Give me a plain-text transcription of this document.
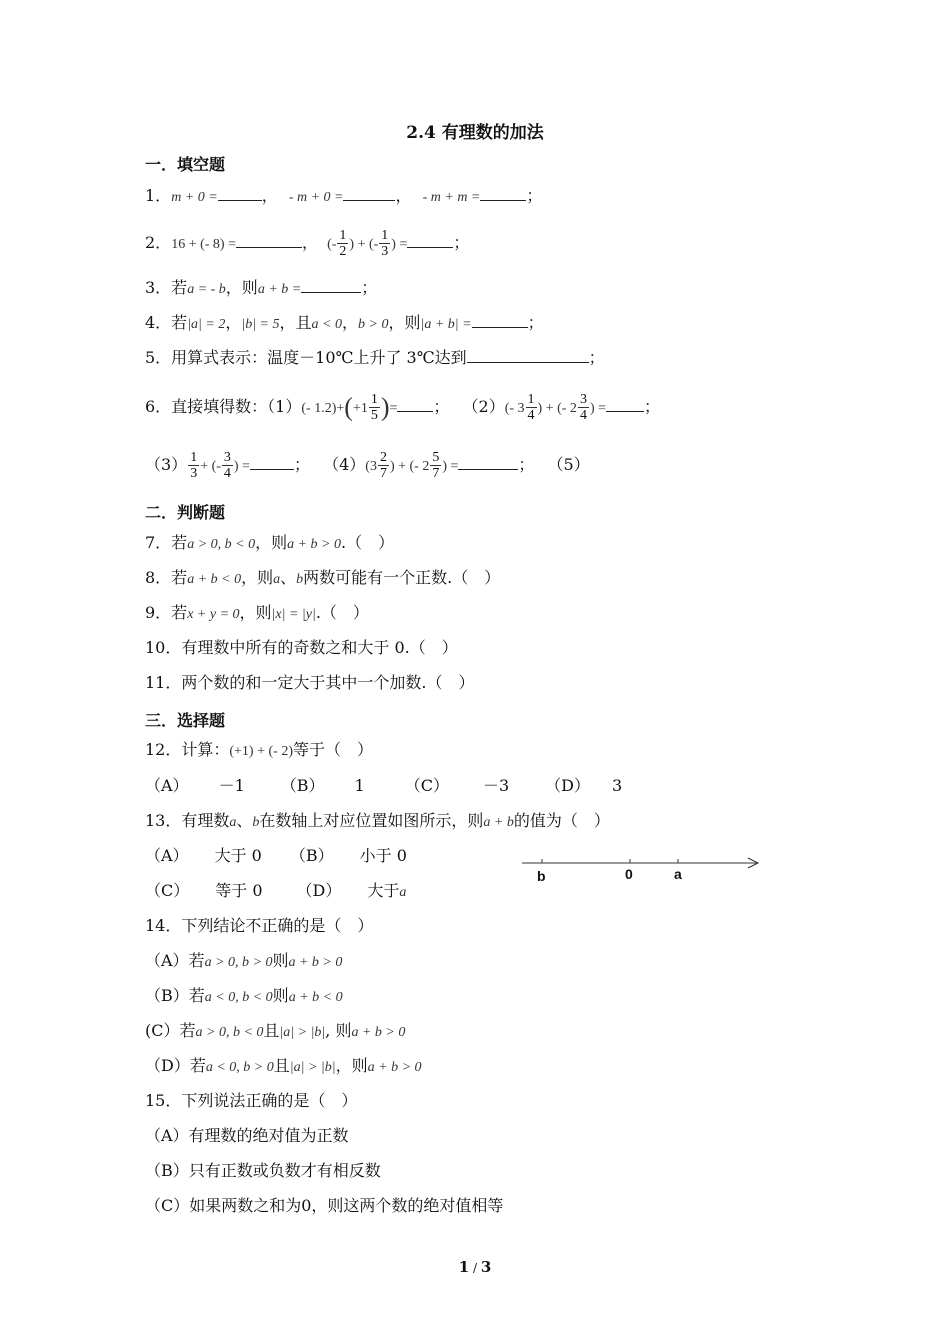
2.4 有理数的加法
一．填空题
1．m + 0 =	， - m + 0 =	， - m + m =	；
2．16 + (- 8) =	， (- $\frac{1}{2}$ ) + (- $\frac{1}{3}$ ) =	；
3．若a = - b，则a + b =	；
4．若|a| = 2，|b| = 5，且a < 0，b > 0，则|a + b| =	；
5．用算式表示：温度－10℃上升了 3℃达到	；
6．直接填得数：（1）(- $1.2)+(+1 \frac{1}{5}$ )= ； （2）(- $3 \frac{1}{4}$ ) + (- $2 \frac{3}{4}$ ) = ；
$(3) \frac{1}{3}$ + (- $\frac{3}{4}$ ) =	； $(4)(3 \frac{2}{7}$ ) + (- $2 \frac{5}{7}$ ) =	； （5）
二．判断题
7．若a > 0, b < 0，则a + b > 0.（　）
8．若a + b < 0，则a、b两数可能有一个正数.（　）
9．若x + y = 0，则|x| = |y|.（　）
10．有理数中所有的奇数之和大于 0.（　）
11．两个数的和一定大于其中一个加数.（　）
三．选择题
12．计算：(+1) + (- 2)等于（　）
（A） －1 （B） 1	（C） －3 （D） 3
13．有理数a、b在数轴上对应位置如图所示，则a + b的值为（　）
（A） 大于 0 （B） 小于 0
（C） 等于 0 （D） 大于a
b	0	a
14．下列结论不正确的是（　）
（A）若a > 0, b > 0则a + b > 0
（B）若a < 0, b < 0则a + b < 0
(C）若a > 0, b < 0且|a| > |b|, 则a + b > 0
（D）若a < 0, b > 0且|a| > |b|，则a + b > 0
15．下列说法正确的是（　）
（A）有理数的绝对值为正数
（B）只有正数或负数才有相反数
（C）如果两数之和为0，则这两个数的绝对值相等
1 / 3
